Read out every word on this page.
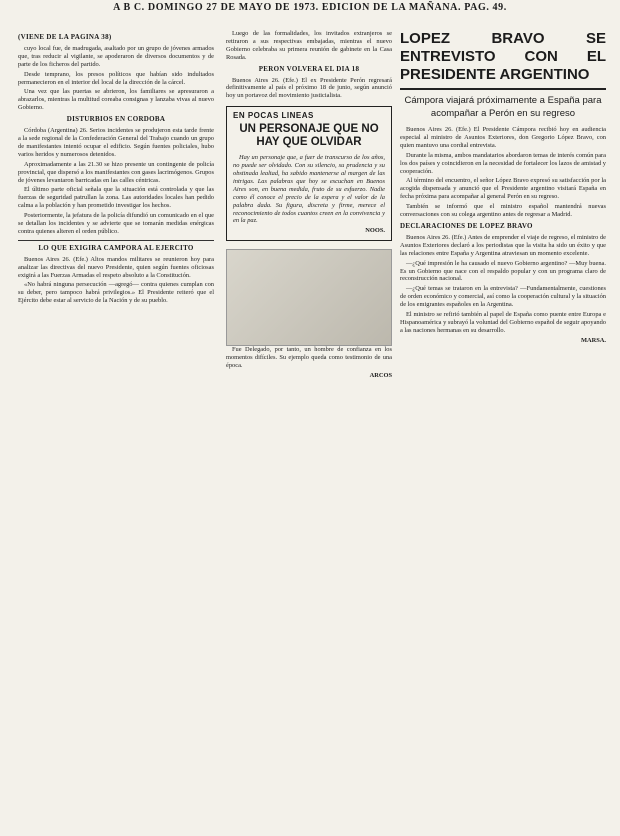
A B C. DOMINGO 27 DE MAYO DE 1973. EDICION DE LA MAÑANA. PAG. 49.
(VIENE DE LA PAGINA 38)

cuyo local fue, de madrugada, asaltado por un grupo de jóvenes armados que, tras reducir al vigilante, se apoderaron de diversos documentos y de parte de los ficheros del partido.

Desde temprano, los presos políticos que habían sido indultados permanecieron en el interior del local de la dirección de la cárcel.

Una vez que las puertas se abrieron, los familiares se apresuraron a abrazarlos, mientras la multitud coreaba consignas y lanzaba vivas al nuevo Gobierno.

DISTURBIOS EN CORDOBA

Córdoba (Argentina) 26. Serios incidentes se produjeron esta tarde frente a la sede regional de la Confederación General del Trabajo cuando un grupo de manifestantes intentó ocupar el edificio. Según fuentes policiales, hubo varios heridos y numerosos detenidos.

Aproximadamente a las 21.30 se hizo presente un contingente de policía provincial, que dispersó a los manifestantes con gases lacrimógenos. Grupos de jóvenes levantaron barricadas en las calles céntricas.

El último parte oficial señala que la situación está controlada y que las fuerzas de seguridad patrullan la zona. Las autoridades locales han pedido calma a la población y han prometido investigar los hechos.

Posteriormente, la jefatura de la policía difundió un comunicado en el que se detallan los incidentes y se advierte que se tomarán medidas enérgicas contra quienes alteren el orden público.

LO QUE EXIGIRA CAMPORA AL EJERCITO

Buenos Aires 26. (Efe.) Altos mandos militares se reunieron hoy para analizar las directivas del nuevo Presidente, quien según fuentes oficiosas exigirá a las Fuerzas Armadas el respeto absoluto a la Constitución.

«No habrá ninguna persecución —agregó— contra quienes cumplan con su deber, pero tampoco habrá privilegios.» El Presidente reiteró que el Ejército debe estar al servicio de la Nación y de su pueblo.

Luego de las formalidades, los invitados extranjeros se retiraron a sus respectivas embajadas, mientras el nuevo Gobierno celebraba su primera reunión de gabinete en la Casa Rosada.

PERON VOLVERA EL DIA 18

Buenos Aires 26. (Efe.) El ex Presidente Perón regresará definitivamente al país el próximo 18 de junio, según anunció hoy un portavoz del movimiento justicialista.

EN POCAS LINEAS
UN PERSONAJE QUE NO HAY QUE OLVIDAR

Hay un personaje que, a fuer de transcurso de los años, no puede ser olvidado. Con su silencio, su prudencia y su obstinada lealtad, ha sabido mantenerse al margen de las intrigas. Las palabras que hoy se escuchan en Buenos Aires son, en buena medida, fruto de su esfuerzo. Nadie como él conoce el precio de la espera y el valor de la palabra dada. Su figura, discreta y firme, merece el reconocimiento de todos cuantos creen en la convivencia y en la paz.

NOOS.

Fue Delegado, por tanto, un hombre de confianza en los momentos difíciles. Su ejemplo queda como testimonio de una época.

ARCOS
LOPEZ BRAVO SE ENTREVISTO CON EL PRESIDENTE ARGENTINO
Cámpora viajará próximamente a España para acompañar a Perón en su regreso

Buenos Aires 26. (Efe.) El Presidente Cámpora recibió hoy en audiencia especial al ministro de Asuntos Exteriores, don Gregorio López Bravo, con quien mantuvo una cordial entrevista.

Durante la misma, ambos mandatarios abordaron temas de interés común para los dos países y coincidieron en la necesidad de fortalecer los lazos de amistad y cooperación.

Al término del encuentro, el señor López Bravo expresó su satisfacción por la acogida dispensada y anunció que el Presidente argentino visitará España en fecha próxima para acompañar al general Perón en su regreso.

También se informó que el ministro español mantendrá nuevas conversaciones con su colega argentino antes de regresar a Madrid.

DECLARACIONES DE LOPEZ BRAVO

Buenos Aires 26. (Efe.) Antes de emprender el viaje de regreso, el ministro de Asuntos Exteriores declaró a los periodistas que la visita ha sido un éxito y que las relaciones entre España y Argentina atraviesan un momento excelente.

—¿Qué impresión le ha causado el nuevo Gobierno argentino? —Muy buena. Es un Gobierno que nace con el respaldo popular y con un programa claro de reconstrucción nacional.

—¿Qué temas se trataron en la entrevista? —Fundamentalmente, cuestiones de orden económico y comercial, así como la cooperación cultural y la situación de los emigrantes españoles en la Argentina.

El ministro se refirió también al papel de España como puente entre Europa e Hispanoamérica y subrayó la voluntad del Gobierno español de seguir apoyando a las naciones hermanas en su desarrollo.

MARSA.
